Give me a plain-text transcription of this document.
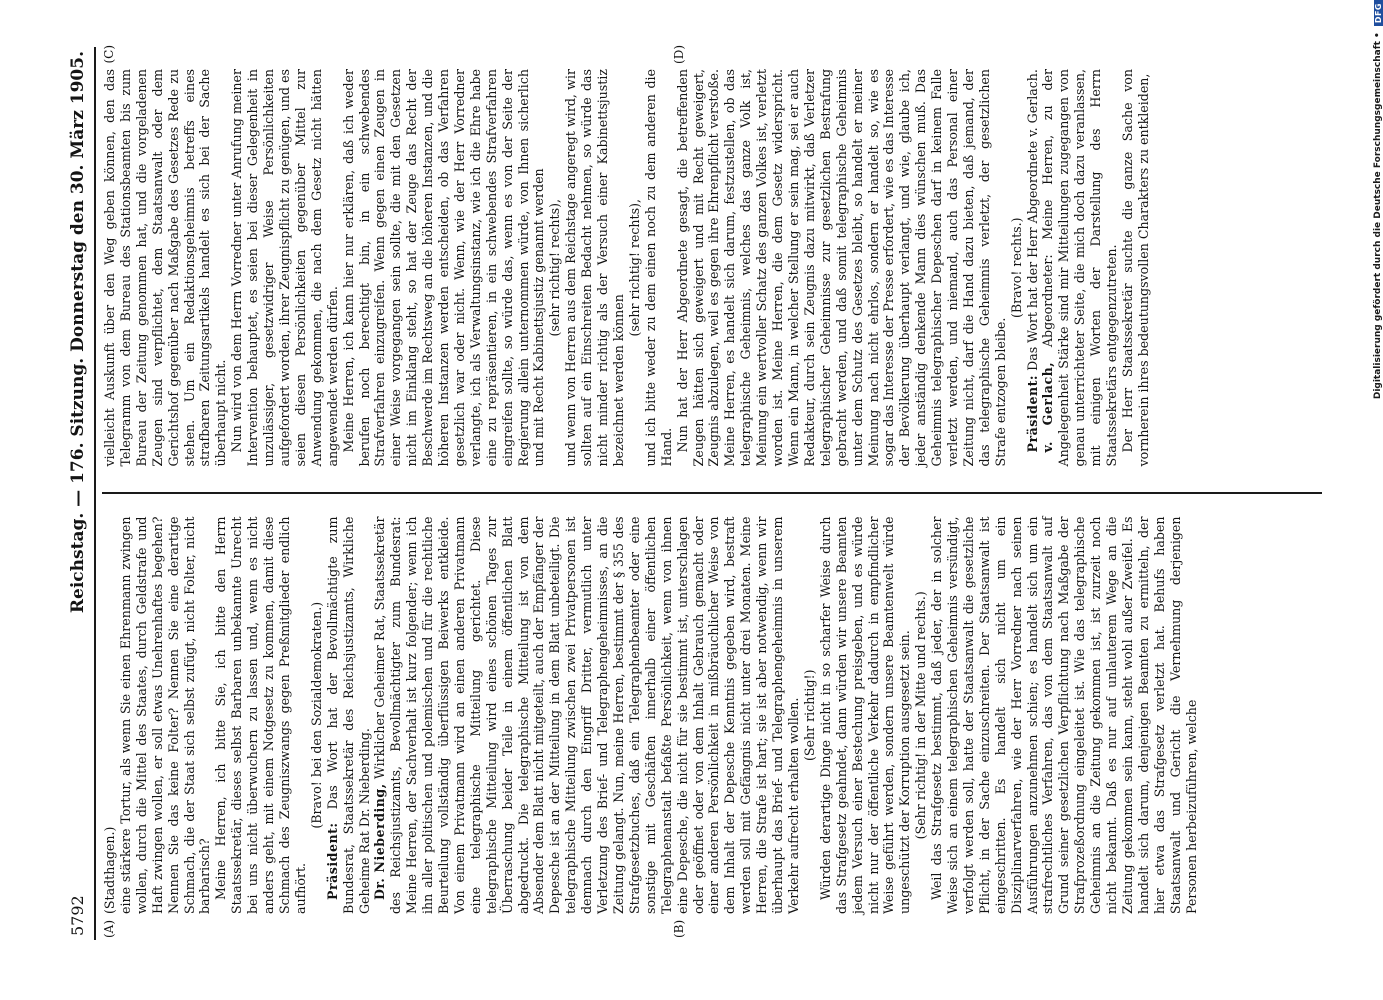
5792
Reichstag. — 176. Sitzung. Donnerstag den 30. März 1905.
(A)	(B)
(C)	(D)

(Stadthagen.) eine stärkere Tortur, als wenn Sie einen Ehrenmann zwingen wollen, durch die Mittel des Staates, durch Geldstrafe und Haft zwingen wollen, er soll etwas Unehrenhaftes begehen? Nennen Sie das keine Folter? Nennen Sie eine derartige Schmach, die der Staat sich selbst zufügt, nicht Folter, nicht barbarisch? Meine Herren, ich bitte Sie, ich bitte den Herrn Staatssekretär, dieses selbst Barbaren unbekannte Unrecht bei uns nicht überwuchern zu lassen und, wenn es nicht anders geht, mit einem Notgesetz zu kommen, damit diese Schmach des Zeugniszwangs gegen Preßmitglieder endlich aufhört.

(Bravo! bei den Sozialdemokraten.)

Präsident: Das Wort hat der Bevollmächtigte zum Bundesrat, Staatssekretär des Reichsjustizamts, Wirkliche Geheime Rat Dr. Nieberding. Dr. Nieberding, Wirklicher Geheimer Rat, Staatssekretär des Reichsjustizamts, Bevollmächtigter zum Bundesrat: Meine Herren, der Sachverhalt ist kurz folgender; wenn ich ihn aller politischen und polemischen und für die rechtliche Beurteilung vollständig überflüssigen Beiwerks entkleide. Von einem Privatmann wird an einen anderen Privatmann eine telegraphische Mitteilung gerichtet. Diese telegraphische Mitteilung wird eines schönen Tages zur Überraschung beider Teile in einem öffentlichen Blatt abgedruckt. Die telegraphische Mitteilung ist von dem Absender dem Blatt nicht mitgeteilt, auch der Empfänger der Depesche ist an der Mitteilung in dem Blatt unbeteiligt. Die telegraphische Mitteilung zwischen zwei Privatpersonen ist demnach durch den Eingriff Dritter, vermutlich unter Verletzung des Brief- und Telegraphengeheimnisses, an die Zeitung gelangt. Nun, meine Herren, bestimmt der § 355 des Strafgesetzbuches, daß ein Telegraphenbeamter oder eine sonstige mit Geschäften innerhalb einer öffentlichen Telegraphenanstalt befaßte Persönlichkeit, wenn von ihnen eine Depesche, die nicht für sie bestimmt ist, unterschlagen oder geöffnet oder von dem Inhalt Gebrauch gemacht oder einer anderen Persönlichkeit in mißbräuchlicher Weise von dem Inhalt der Depesche Kenntnis gegeben wird, bestraft werden soll mit Gefängnis nicht unter drei Monaten. Meine Herren, die Strafe ist hart; sie ist aber notwendig, wenn wir überhaupt das Brief- und Telegraphengeheimnis in unserem Verkehr aufrecht erhalten wollen. (Sehr richtig!) Würden derartige Dinge nicht in so scharfer Weise durch das Strafgesetz geahndet, dann würden wir unsere Beamten jedem Versuch einer Bestechung preisgeben, und es würde nicht nur der öffentliche Verkehr dadurch in empfindlicher Weise geführt werden, sondern unsere Beamtenwelt würde ungeschützt der Korruption ausgesetzt sein. (Sehr richtig! in der Mitte und rechts.) Weil das Strafgesetz bestimmt, daß jeder, der in solcher Weise sich an einem telegraphischen Geheimnis versündigt, verfolgt werden soll, hatte der Staatsanwalt die gesetzliche Pflicht, in der Sache einzuschreiten. Der Staatsanwalt ist eingeschritten. Es handelt sich nicht um ein Disziplinarverfahren, wie der Herr Vorredner nach seinen Ausführungen anzunehmen schien; es handelt sich um ein strafrechtliches Verfahren, das von dem Staatsanwalt auf Grund seiner gesetzlichen Verpflichtung nach Maßgabe der Strafprozeßordnung eingeleitet ist. Wie das telegraphische Geheimnis an die Zeitung gekommen ist, ist zurzeit noch nicht bekannt. Daß es nur auf unlauterem Wege an die Zeitung gekommen sein kann, steht wohl außer Zweifel. Es handelt sich darum, denjenigen Beamten zu ermitteln, der hier etwa das Strafgesetz verletzt hat. Behufs haben Staatsanwalt und Gericht die Vernehmung derjenigen Personen herbeizuführen, welche

vielleicht Auskunft über den Weg geben können, den das Telegramm von dem Bureau des Stationsbeamten bis zum Bureau der Zeitung genommen hat, und die vorgeladenen Zeugen sind verpflichtet, dem Staatsanwalt oder dem Gerichtshof gegenüber nach Maßgabe des Gesetzes Rede zu stehen. Um ein Redaktionsgeheimnis betreffs eines strafbaren Zeitungsartikels handelt es sich bei der Sache überhaupt nicht. Nun wird von dem Herrn Vorredner unter Anrufung meiner Intervention behauptet, es seien bei dieser Gelegenheit in unzulässiger, gesetzwidriger Weise Persönlichkeiten aufgefordert worden, ihrer Zeugnispflicht zu genügen, und es seien diesen Persönlichkeiten gegenüber Mittel zur Anwendung gekommen, die nach dem Gesetz nicht hätten angewendet werden dürfen. Meine Herren, ich kann hier nur erklären, daß ich weder berufen noch berechtigt bin, in ein schwebendes Strafverfahren einzugreifen. Wenn gegen einen Zeugen in einer Weise vorgegangen sein sollte, die mit den Gesetzen nicht im Einklang steht, so hat der Zeuge das Recht der Beschwerde im Rechtsweg an die höheren Instanzen, und die höheren Instanzen werden entscheiden, ob das Verfahren gesetzlich war oder nicht. Wenn, wie der Herr Vorredner verlangte, ich als Verwaltungsinstanz, wie ich die Ehre habe eine zu repräsentieren, in ein schwebendes Strafverfahren eingreifen sollte, so würde das, wenn es von der Seite der Regierung allein unternommen würde, von Ihnen sicherlich und mit Recht Kabinettsjustiz genannt werden (sehr richtig! rechts), und wenn von Herren aus dem Reichstage angeregt wird, wir sollten auf ein Einschreiten Bedacht nehmen, so würde das nicht minder richtig als der Versuch einer Kabinettsjustiz bezeichnet werden können

(sehr richtig! rechts), und ich bitte weder zu dem einen noch zu dem anderen die Hand. Nun hat der Herr Abgeordnete gesagt, die betreffenden Zeugen hätten sich geweigert und mit Recht geweigert, Zeugnis abzulegen, weil es gegen ihre Ehrenpflicht verstoße. Meine Herren, es handelt sich darum, festzustellen, ob das telegraphische Geheimnis, welches das ganze Volk ist, Meinung ein wertvoller Schatz des ganzen Volkes ist, verletzt worden ist. Meine Herren, die dem Gesetz widerspricht. Wenn ein Mann, in welcher Stellung er sein mag, sei er auch Redakteur, durch sein Zeugnis dazu mitwirkt, daß Verletzer telegraphischer Geheimnisse zur gesetzlichen Bestrafung gebracht werden, und daß somit telegraphische Geheimnis unter dem Schutz des Gesetzes bleibt, so handelt er meiner Meinung nach nicht ehrlos, sondern er handelt so, wie es sogar das Interesse der Presse erfordert, wie es das Interesse der Bevölkerung überhaupt verlangt, und wie, glaube ich, jeder anständig denkende Mann dies wünschen muß. Das Geheimnis telegraphischer Depeschen darf in keinem Falle verletzt werden, und niemand, auch das Personal einer Zeitung nicht, darf die Hand dazu bieten, daß jemand, der das telegraphische Geheimnis verletzt, der gesetzlichen Strafe entzogen bleibe.

(Bravo! rechts.)

Präsident: Das Wort hat der Herr Abgeordnete v. Gerlach.

v. Gerlach, Abgeordneter: Meine Herren, zu der Angelegenheit Stärke sind mir Mitteilungen zugegangen von genau unterrichteter Seite, die mich doch dazu veranlassen, mit einigen Worten der Darstellung des Herrn Staatssekretärs entgegenzutreten. Der Herr Staatssekretär suchte die ganze Sache von vornherein ihres bedeutungsvollen Charakters zu entkleiden,	Digitalisierung gefördert durch die Deutsche Forschungsgemeinschaft •
DFG
